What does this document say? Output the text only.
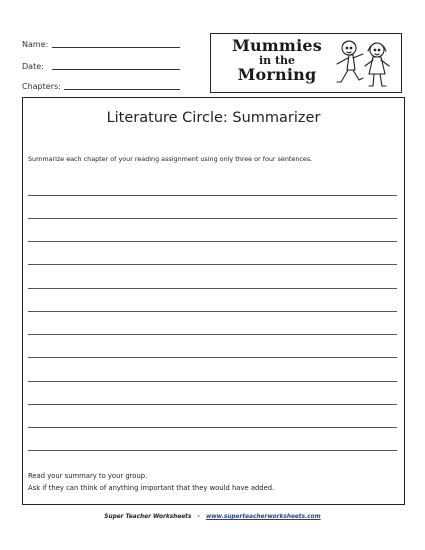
Name:
Date:
Chapters:
Mummies
in the
Morning
Literature Circle: Summarizer
Summarize each chapter of your reading assignment using only three or four sentences.
Read your summary to your group.
Ask if they can think of anything important that they would have added.
Super Teacher Worksheets - www.superteacherworksheets.com
